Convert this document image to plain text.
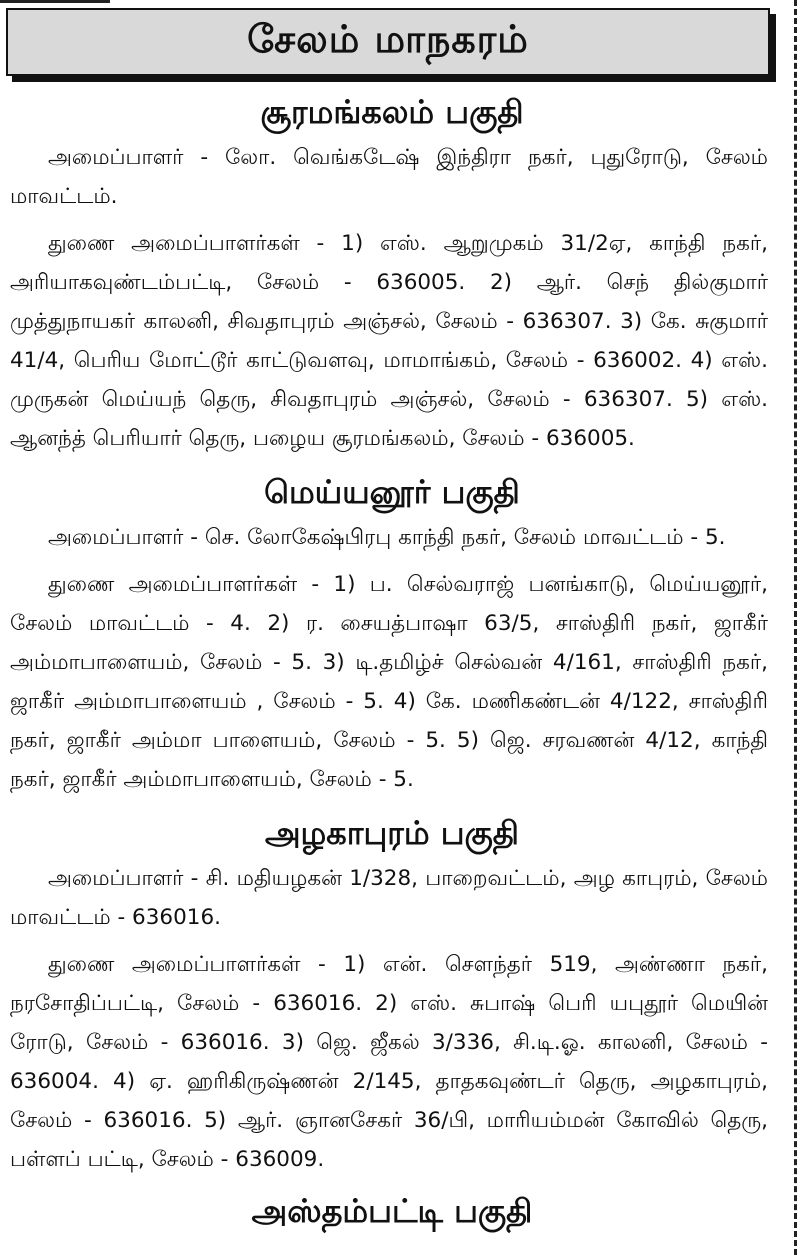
சேலம் மாநகரம்
சூரமங்கலம் பகுதி

அமைப்பாளர் - லோ. வெங்கடேஷ் இந்திரா நகர், புதுரோடு, சேலம் மாவட்டம்.

துணை அமைப்பாளர்கள் - 1) எஸ். ஆறுமுகம் 31/2ஏ, காந்தி நகர், அரியாகவுண்டம்பட்டி, சேலம் - 636005. 2) ஆர். செந் தில்குமார் முத்துநாயகர் காலனி, சிவதாபுரம் அஞ்சல், சேலம் - 636307. 3) கே. சுகுமார் 41/4, பெரிய மோட்டூர் காட்டுவளவு, மாமாங்கம், சேலம் - 636002. 4) எஸ். முருகன் மெய்யந் தெரு, சிவதாபுரம் அஞ்சல், சேலம் - 636307. 5) எஸ். ஆனந்த் பெரியார் தெரு, பழைய சூரமங்கலம், சேலம் - 636005.

மெய்யனூர் பகுதி

அமைப்பாளர் - செ. லோகேஷ்பிரபு காந்தி நகர், சேலம் மாவட்டம் - 5.

துணை அமைப்பாளர்கள் - 1) ப. செல்வராஜ் பனங்காடு, மெய்யனூர், சேலம் மாவட்டம் - 4. 2) ர. சையத்பாஷா 63/5, சாஸ்திரி நகர், ஜாகீர் அம்மாபாளையம், சேலம் - 5. 3) டி.தமிழ்ச் செல்வன் 4/161, சாஸ்திரி நகர், ஜாகீர் அம்மாபாளையம் , சேலம் - 5. 4) கே. மணிகண்டன் 4/122, சாஸ்திரி நகர், ஜாகீர் அம்மா பாளையம், சேலம் - 5. 5) ஜெ. சரவணன் 4/12, காந்தி நகர், ஜாகீர் அம்மாபாளையம், சேலம் - 5.

அழகாபுரம் பகுதி

அமைப்பாளர் - சி. மதியழகன் 1/328, பாறைவட்டம், அழ காபுரம், சேலம் மாவட்டம் - 636016.

துணை அமைப்பாளர்கள் - 1) என். சௌந்தர் 519, அண்ணா நகர், நரசோதிப்பட்டி, சேலம் - 636016. 2) எஸ். சுபாஷ் பெரி யபுதூர் மெயின் ரோடு, சேலம் - 636016. 3) ஜெ. ஜீகல் 3/336, சி.டி.ஓ. காலனி, சேலம் - 636004. 4) ஏ. ஹரிகிருஷ்ணன் 2/145, தாதகவுண்டர் தெரு, அழகாபுரம், சேலம் - 636016. 5) ஆர். ஞானசேகர் 36/பி, மாரியம்மன் கோவில் தெரு, பள்ளப் பட்டி, சேலம் - 636009.

அஸ்தம்பட்டி பகுதி
